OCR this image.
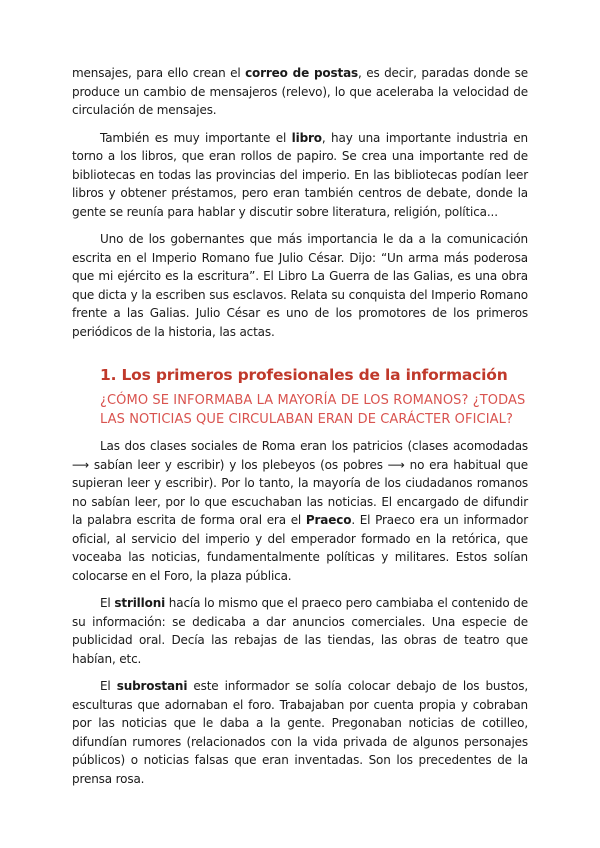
mensajes, para ello crean el correo de postas, es decir, paradas donde se produce un cambio de mensajeros (relevo), lo que aceleraba la velocidad de circulación de mensajes.

También es muy importante el libro, hay una importante industria en torno a los libros, que eran rollos de papiro. Se crea una importante red de bibliotecas en todas las provincias del imperio. En las bibliotecas podían leer libros y obtener préstamos, pero eran también centros de debate, donde la gente se reunía para hablar y discutir sobre literatura, religión, política...

Uno de los gobernantes que más importancia le da a la comunicación escrita en el Imperio Romano fue Julio César. Dijo: “Un arma más poderosa que mi ejército es la escritura”. El Libro La Guerra de las Galias, es una obra que dicta y la escriben sus esclavos. Relata su conquista del Imperio Romano frente a las Galias. Julio César es uno de los promotores de los primeros periódicos de la historia, las actas.

1. Los primeros profesionales de la información
¿CÓMO SE INFORMABA LA MAYORÍA DE LOS ROMANOS? ¿TODAS LAS NOTICIAS QUE CIRCULABAN ERAN DE CARÁCTER OFICIAL?

Las dos clases sociales de Roma eran los patricios (clases acomodadas ⟶ sabían leer y escribir) y los plebeyos (os pobres ⟶ no era habitual que supieran leer y escribir). Por lo tanto, la mayoría de los ciudadanos romanos no sabían leer, por lo que escuchaban las noticias. El encargado de difundir la palabra escrita de forma oral era el Praeco. El Praeco era un informador oficial, al servicio del imperio y del emperador formado en la retórica, que voceaba las noticias, fundamentalmente políticas y militares. Estos solían colocarse en el Foro, la plaza pública.

El strilloni hacía lo mismo que el praeco pero cambiaba el contenido de su información: se dedicaba a dar anuncios comerciales. Una especie de publicidad oral. Decía las rebajas de las tiendas, las obras de teatro que habían, etc.

El subrostani este informador se solía colocar debajo de los bustos, esculturas que adornaban el foro. Trabajaban por cuenta propia y cobraban por las noticias que le daba a la gente. Pregonaban noticias de cotilleo, difundían rumores (relacionados con la vida privada de algunos personajes públicos) o noticias falsas que eran inventadas. Son los precedentes de la prensa rosa.
